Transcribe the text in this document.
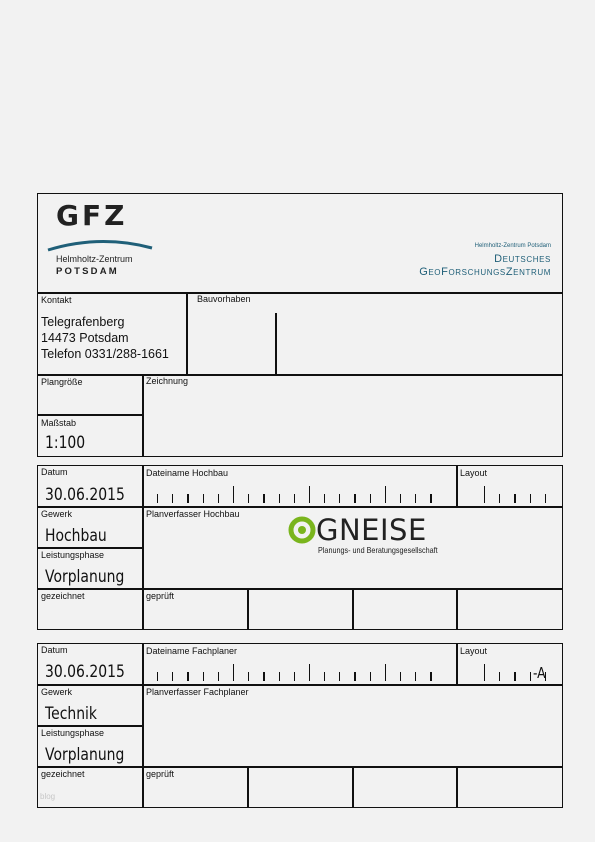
GFZ
Helmholtz-Zentrum
POTSDAM
Helmholtz-Zentrum Potsdam
Deutsches
GeoForschungsZentrum
Kontakt
Telegrafenberg
14473 Potsdam
Telefon 0331/288-1661
Bauvorhaben
Plangröße	Zeichnung
Maßstab
1:100
Datum
30.06.2015
Dateiname Hochbau	Layout
Gewerk
Hochbau
Planverfasser Hochbau
Leistungsphase
Vorplanung
gezeichnet	geprüft
GNEISE
Planungs- und Beratungsgesellschaft
Datum
30.06.2015
Dateiname Fachplaner	Layout
-A
Gewerk
Technik
Planverfasser Fachplaner
Leistungsphase
Vorplanung
gezeichnet	geprüft
blog
